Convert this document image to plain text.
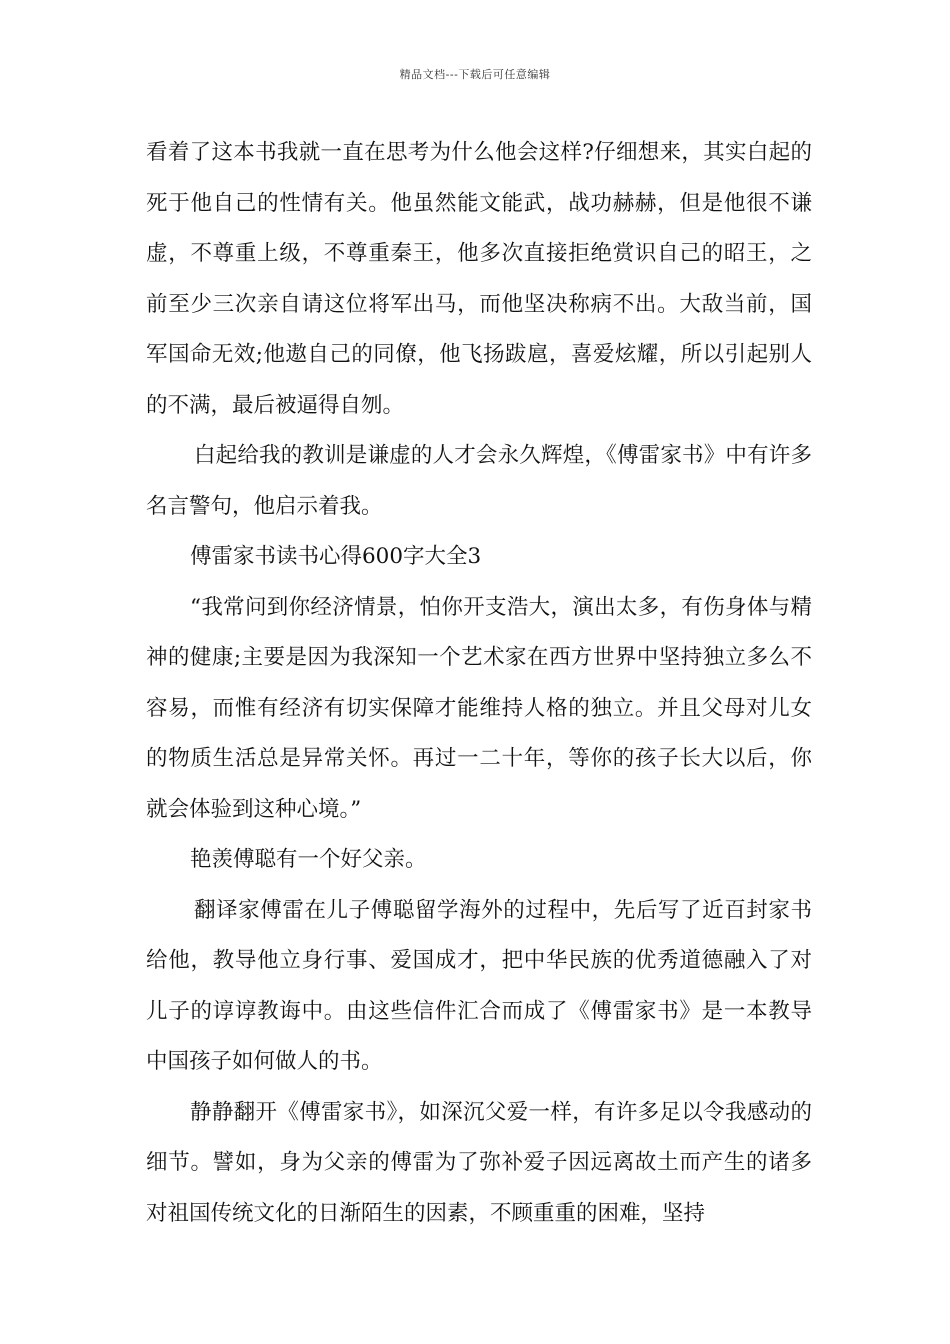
精品文档---下载后可任意编辑

看着了这本书我就一直在思考为什么他会这样?仔细想来，其实白起的死于他自己的性情有关。他虽然能文能武，战功赫赫，但是他很不谦虚，不尊重上级，不尊重秦王，他多次直接拒绝赏识自己的昭王，之前至少三次亲自请这位将军出马，而他坚决称病不出。大敌当前，国军国命无效;他遨自己的同僚，他飞扬跋扈，喜爱炫耀，所以引起别人的不满，最后被逼得自刎。

白起给我的教训是谦虚的人才会永久辉煌，《傅雷家书》中有许多名言警句，他启示着我。

傅雷家书读书心得600字大全3

“我常问到你经济情景，怕你开支浩大，演出太多，有伤身体与精神的健康;主要是因为我深知一个艺术家在西方世界中坚持独立多么不容易，而惟有经济有切实保障才能维持人格的独立。并且父母对儿女的物质生活总是异常关怀。再过一二十年，等你的孩子长大以后，你就会体验到这种心境。”

艳羡傅聪有一个好父亲。

翻译家傅雷在儿子傅聪留学海外的过程中，先后写了近百封家书给他，教导他立身行事、爱国成才，把中华民族的优秀道德融入了对儿子的谆谆教诲中。由这些信件汇合而成了《傅雷家书》是一本教导中国孩子如何做人的书。

静静翻开《傅雷家书》，如深沉父爱一样，有许多足以令我感动的细节。譬如，身为父亲的傅雷为了弥补爱子因远离故土而产生的诸多对祖国传统文化的日渐陌生的因素，不顾重重的困难，坚持
